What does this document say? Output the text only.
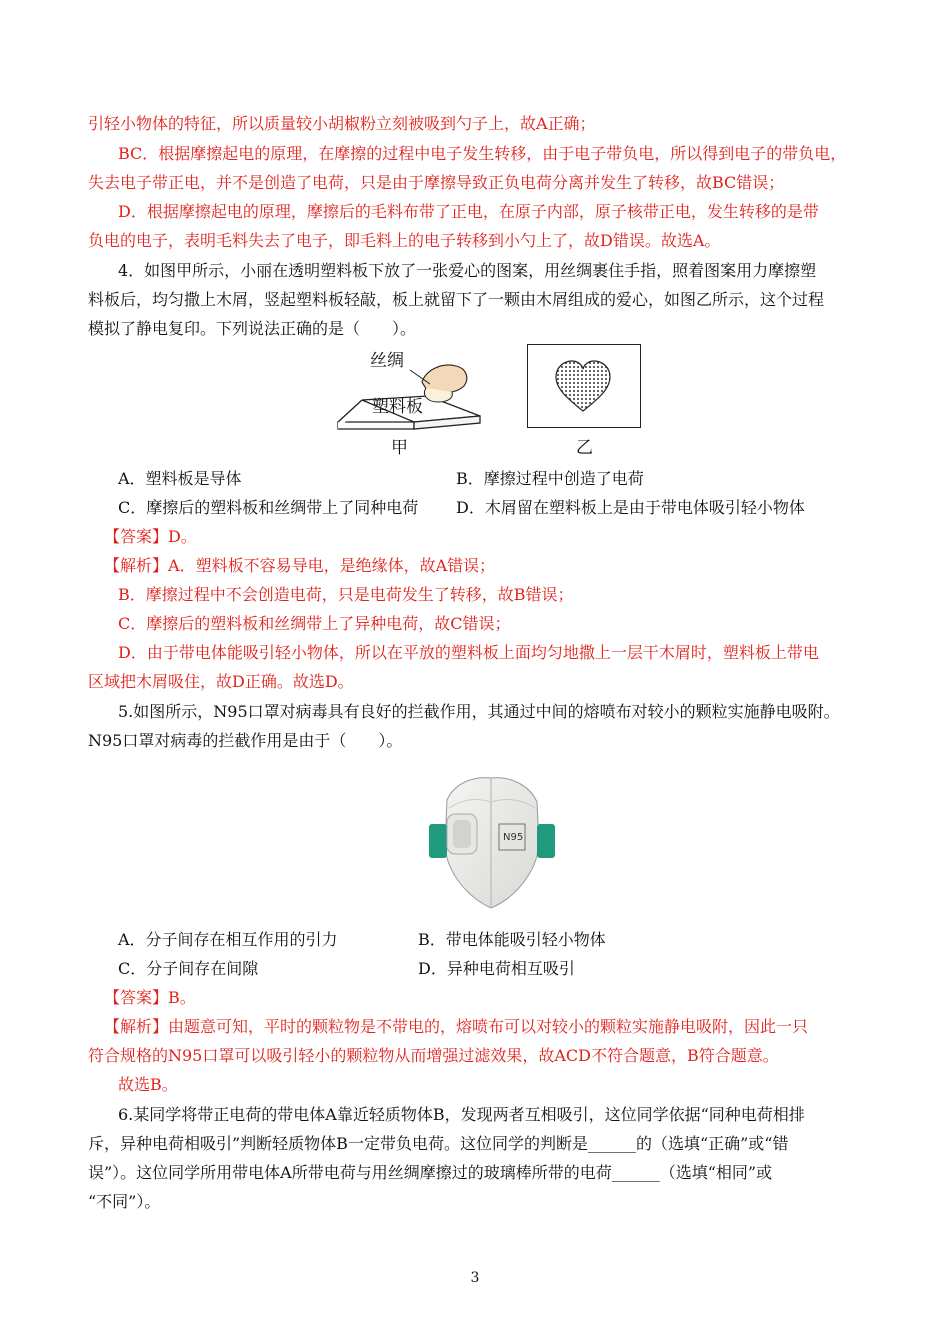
引轻小物体的特征，所以质量较小胡椒粉立刻被吸到勺子上，故A正确；
BC．根据摩擦起电的原理，在摩擦的过程中电子发生转移，由于电子带负电，所以得到电子的带负电，
失去电子带正电，并不是创造了电荷，只是由于摩擦导致正负电荷分离并发生了转移，故BC错误；
D．根据摩擦起电的原理，摩擦后的毛料布带了正电，在原子内部，原子核带正电，发生转移的是带
负电的电子，表明毛料失去了电子，即毛料上的电子转移到小勺上了，故D错误。故选A。
4．如图甲所示，小丽在透明塑料板下放了一张爱心的图案，用丝绸裹住手指，照着图案用力摩擦塑
料板后，均匀撒上木屑，竖起塑料板轻敲，板上就留下了一颗由木屑组成的爱心，如图乙所示，这个过程
模拟了静电复印。下列说法正确的是（　　）。
丝绸
塑料板
甲	乙
A．塑料板是导体	B．摩擦过程中创造了电荷
C．摩擦后的塑料板和丝绸带上了同种电荷 D．木屑留在塑料板上是由于带电体吸引轻小物体
【答案】D。
【解析】A．塑料板不容易导电，是绝缘体，故A错误；
B．摩擦过程中不会创造电荷，只是电荷发生了转移，故B错误；
C．摩擦后的塑料板和丝绸带上了异种电荷，故C错误；
D．由于带电体能吸引轻小物体，所以在平放的塑料板上面均匀地撒上一层干木屑时，塑料板上带电
区域把木屑吸住，故D正确。故选D。
5.如图所示，N95口罩对病毒具有良好的拦截作用，其通过中间的熔喷布对较小的颗粒实施静电吸附。
N95口罩对病毒的拦截作用是由于（　　）。
N95
A．分子间存在相互作用的引力	B．带电体能吸引轻小物体
C．分子间存在间隙	D．异种电荷相互吸引
【答案】B。
【解析】由题意可知，平时的颗粒物是不带电的，熔喷布可以对较小的颗粒实施静电吸附，因此一只
符合规格的N95口罩可以吸引轻小的颗粒物从而增强过滤效果，故ACD不符合题意，B符合题意。
故选B。
6.某同学将带正电荷的带电体A靠近轻质物体B，发现两者互相吸引，这位同学依据“同种电荷相排
斥，异种电荷相吸引”判断轻质物体B一定带负电荷。这位同学的判断是______的（选填“正确”或“错
误”）。这位同学所用带电体A所带电荷与用丝绸摩擦过的玻璃棒所带的电荷______（选填“相同”或
“不同”）。
3
